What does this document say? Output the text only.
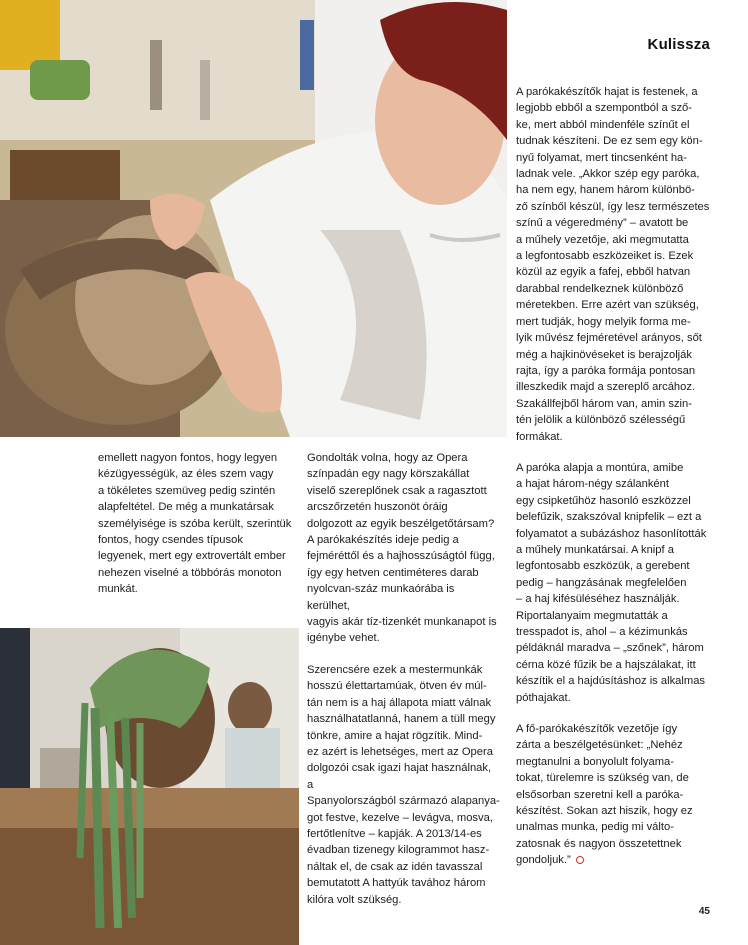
Kulissza

emellett nagyon fontos, hogy legyen
kézügyességük, az éles szem vagy
a tökéletes szemüveg pedig szintén
alapfeltétel. De még a munkatársak
személyisége is szóba került, szerintük
fontos, hogy csendes típusok
legyenek, mert egy extrovertált ember
nehezen viselné a többórás monoton
munkát.

Gondolták volna, hogy az Opera
színpadán egy nagy körszakállat
viselő szereplőnek csak a ragasztott
arcszőrzetén huszonöt óráig
dolgozott az egyik beszélgetőtársam?
A parókakészítés ideje pedig a
fejméréttől és a hajhosszúságtól függ,
így egy hetven centiméteres darab
nyolcvan-száz munkaórába is kerülhet,
vagyis akár tíz-tizenkét munkanapot is
igénybe vehet.

Szerencsére ezek a mestermunkák
hosszú élettartamúak, ötven év múl-
tán nem is a haj állapota miatt válnak
használhatatlanná, hanem a tüll megy
tönkre, amire a hajat rögzítik. Mind-
ez azért is lehetséges, mert az Opera
dolgozói csak igazi hajat használnak, a
Spanyolországból származó alapanya-
got festve, kezelve – levágva, mosva,
fertőtlenítve – kapják. A 2013/14-es
évadban tizenegy kilogrammot hasz-
náltak el, de csak az idén tavasszal
bemutatott A hattyúk tavához három
kilóra volt szükség.

A parókakészítők hajat is festenek, a
legjobb ebből a szempontból a sző-
ke, mert abból mindenféle színűt el
tudnak készíteni. De ez sem egy kön-
nyű folyamat, mert tincsenként ha-
ladnak vele. „Akkor szép egy paróka,
ha nem egy, hanem három különbö-
ző színből készül, így lesz természetes
színű a végeredmény” – avatott be
a műhely vezetője, aki megmutatta
a legfontosabb eszközeiket is. Ezek
közül az egyik a fafej, ebből hatvan
darabbal rendelkeznek különböző
méretekben. Erre azért van szükség,
mert tudják, hogy melyik forma me-
lyik művész fejméretével arányos, sőt
még a hajkinövéseket is berajzolják
rajta, így a paróka formája pontosan
illeszkedik majd a szereplő arcához.
Szakállfejből három van, amin szin-
tén jelölik a különböző szélességű
formákat.

A paróka alapja a montúra, amibe
a hajat három-négy szálanként
egy csipketűhöz hasonló eszközzel
belefűzik, szakszóval knipfelik – ezt a
folyamatot a subázáshoz hasonlították
a műhely munkatársai. A knipf a
legfontosabb eszközük, a gerebent
pedig – hangzásának megfelelően
– a haj kifésüléséhez használják.
Riportalanyaim megmutatták a
tresspadot is, ahol – a kézimunkás
példáknál maradva – „szőnek”, három
cérna közé fűzik be a hajszálakat, itt
készítik el a hajdúsításhoz is alkalmas
póthajakat.

A fő-parókakészítők vezetője így
zárta a beszélgetésünket: „Nehéz
megtanulni a bonyolult folyama-
tokat, türelemre is szükség van, de
elsősorban szeretni kell a paróka-
készítést. Sokan azt hiszik, hogy ez
unalmas munka, pedig mi válto-
zatosnak és nagyon összetettnek
gondoljuk.”

45
